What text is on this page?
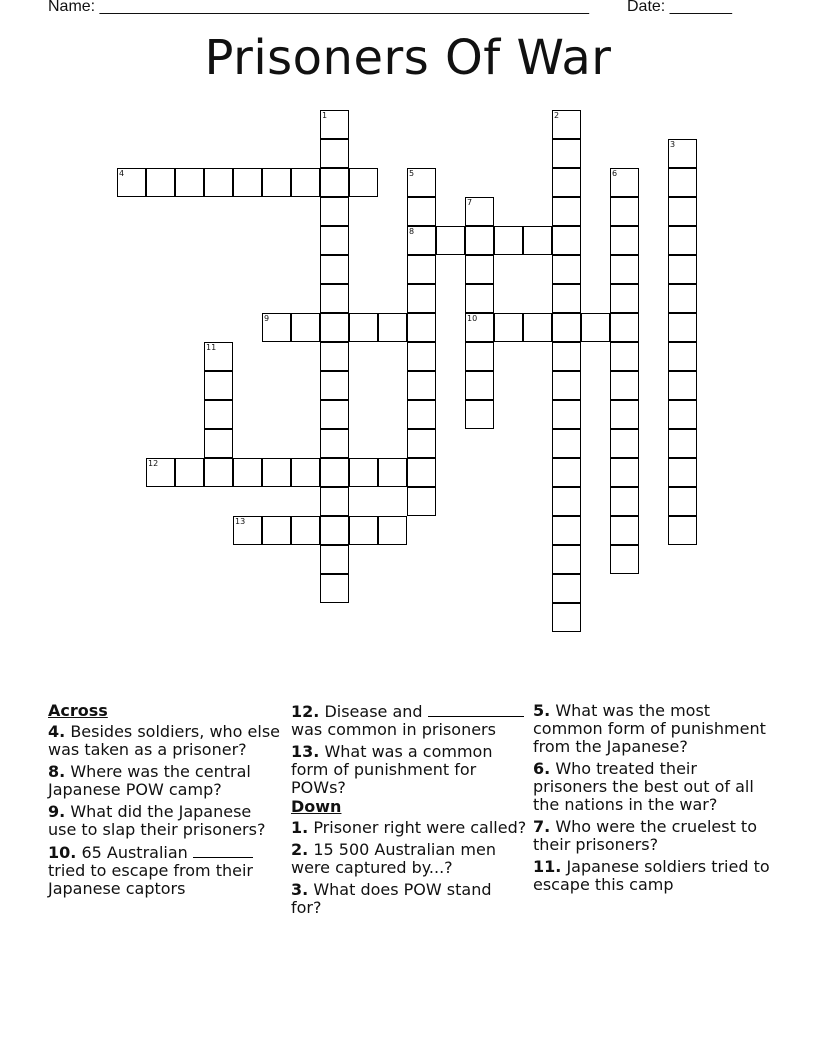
Name: _______________________________________________________ Date: _______
Prisoners Of War
1	2
3
4	5
8
6
7
10
9
11
12
13
Across
4. Besides soldiers, who else was taken as a prisoner?
8. Where was the central Japanese POW camp?
9. What did the Japanese use to slap their prisoners?
10. 65 Australian  tried to escape from their Japanese captors
12. Disease and  was common in prisoners
13. What was a common form of punishment for POWs?
Down
1. Prisoner right were called?
2. 15 500 Australian men were captured by...?
3. What does POW stand for?
5. What was the most common form of punishment from the Japanese?
6. Who treated their prisoners the best out of all the nations in the war?
7. Who were the cruelest to their prisoners?
11. Japanese soldiers tried to escape this camp
